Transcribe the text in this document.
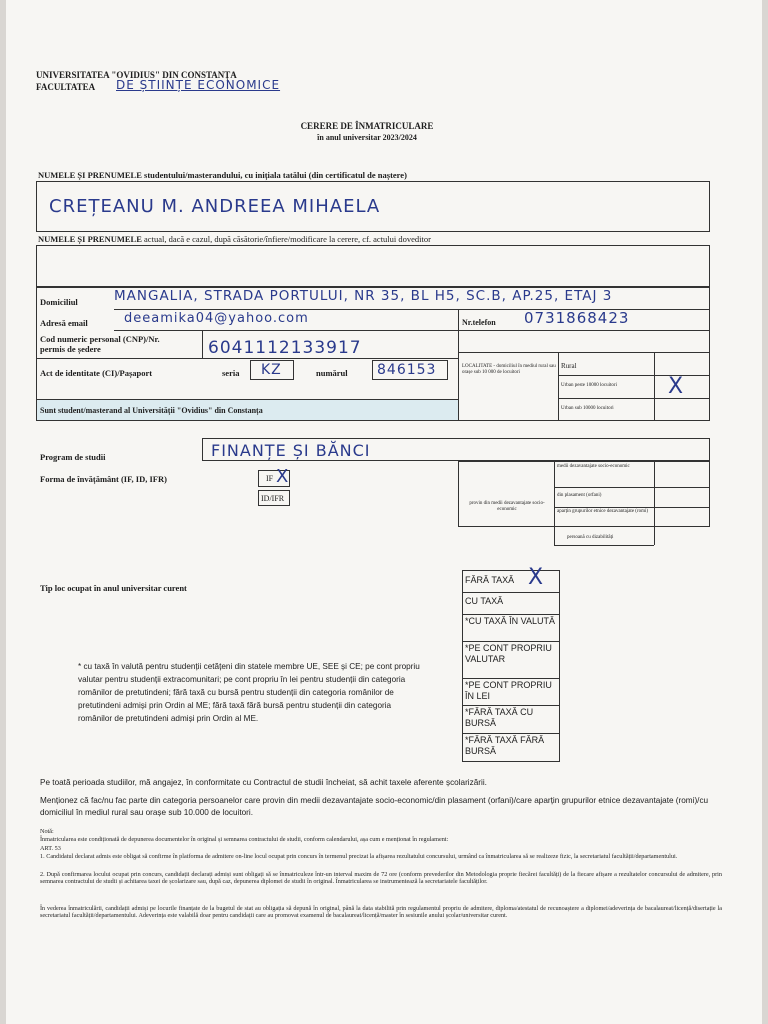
UNIVERSITATEA "OVIDIUS" DIN CONSTANȚA
FACULTATEA DE ȘTIINȚE ECONOMICE
CERERE DE ÎNMATRICULARE
în anul universitar 2023/2024
NUMELE ȘI PRENUMELE studentului/masterandului, cu inițiala tatălui (din certificatul de naștere)
CREȚEANU M. ANDREEA MIHAELA
NUMELE ȘI PRENUMELE actual, dacă e cazul, după căsătorie/înfiere/modificare la cerere, cf. actului doveditor
Domiciliul	MANGALIA, STRADA PORTULUI, NR 35, BL H5, SC.B, AP.25, ETAJ 3
Adresă email	deeamika04@yahoo.com	Nr.telefon 0731868423
Cod numeric personal (CNP)/Nr.
permis de ședere	6041112133917
Act de identitate (CI)/Pașaport	seria KZ	numărul 846153
Sunt student/masterand al Universității "Ovidius" din Constanța
LOCALITATE - domiciliul în mediul rural sau orașe sub 10 000 de locuitori
Rural
Urban peste 10000 locuitori X
Urban sub 10000 locuitori
Program de studii	FINANȚE ȘI BĂNCI
Forma de învățământ (IF, ID, IFR)	IF X
ID/IFR
provin din medii dezavantajate socio-economic
medii dezavantajate socio-economic
din plasament (orfani)
aparțin grupurilor etnice dezavantajate (romi)
persoană cu dizabilități
Tip loc ocupat în anul universitar curent
FĂRĂ TAXĂ X
CU TAXĂ
*CU TAXĂ ÎN VALUTĂ
*PE CONT PROPRIU VALUTAR
*PE CONT PROPRIU ÎN LEI
*FĂRĂ TAXĂ CU BURSĂ
*FĂRĂ TAXĂ FĂRĂ BURSĂ
* cu taxă în valută pentru studenții cetățeni din statele membre UE, SEE și CE; pe cont propriu valutar pentru studenții extracomunitari; pe cont propriu în lei pentru studenții din categoria românilor de pretutindeni; fără taxă cu bursă pentru studenții din categoria românilor de pretutindeni admiși prin Ordin al ME; fără taxă fără bursă pentru studenții din categoria românilor de pretutindeni admiși prin Ordin al ME.
Pe toată perioada studiilor, mă angajez, în conformitate cu Contractul de studii încheiat, să achit taxele aferente școlarizării.
Menționez că fac/nu fac parte din categoria persoanelor care provin din medii dezavantajate socio-economic/din plasament (orfani)/care aparțin grupurilor etnice dezavantajate (romi)/cu domiciliul în mediul rural sau orașe sub 10.000 de locuitori.
Notă:
Înmatricularea este condiționată de depunerea documentelor în original și semnarea contractului de studii, conform calendarului, așa cum e menționat în regulament:
ART. 53
1. Candidatul declarat admis este obligat să confirme în platforma de admitere on-line locul ocupat prin concurs în termenul precizat la afișarea rezultatului concursului, urmând ca înmatricularea să se realizeze fizic, la secretariatul facultății/departamentului.
2. După confirmarea locului ocupat prin concurs, candidații declarați admiși sunt obligați să se înmatriculeze într-un interval maxim de 72 ore (conform prevederilor din Metodologia proprie fiecărei facultăți) de la fiecare afișare a rezultatelor concursului de admitere, prin semnarea contractului de studii și achitarea taxei de școlarizare sau, după caz, depunerea diplomei de studii în original. Înmatricularea se instrumentează la secretariatele facultăților.
În vederea înmatriculării, candidații admiși pe locurile finanțate de la bugetul de stat au obligația să depună în original, până la data stabilită prin regulamentul propriu de admitere, diploma/atestatul de recunoaștere a diplomei/adeverința de bacalaureat/licență/disertație la secretariatul facultății/departamentului. Adeverința este valabilă doar pentru candidații care au promovat examenul de bacalaureat/licență/master în sesiunile anului școlar/universitar curent.
